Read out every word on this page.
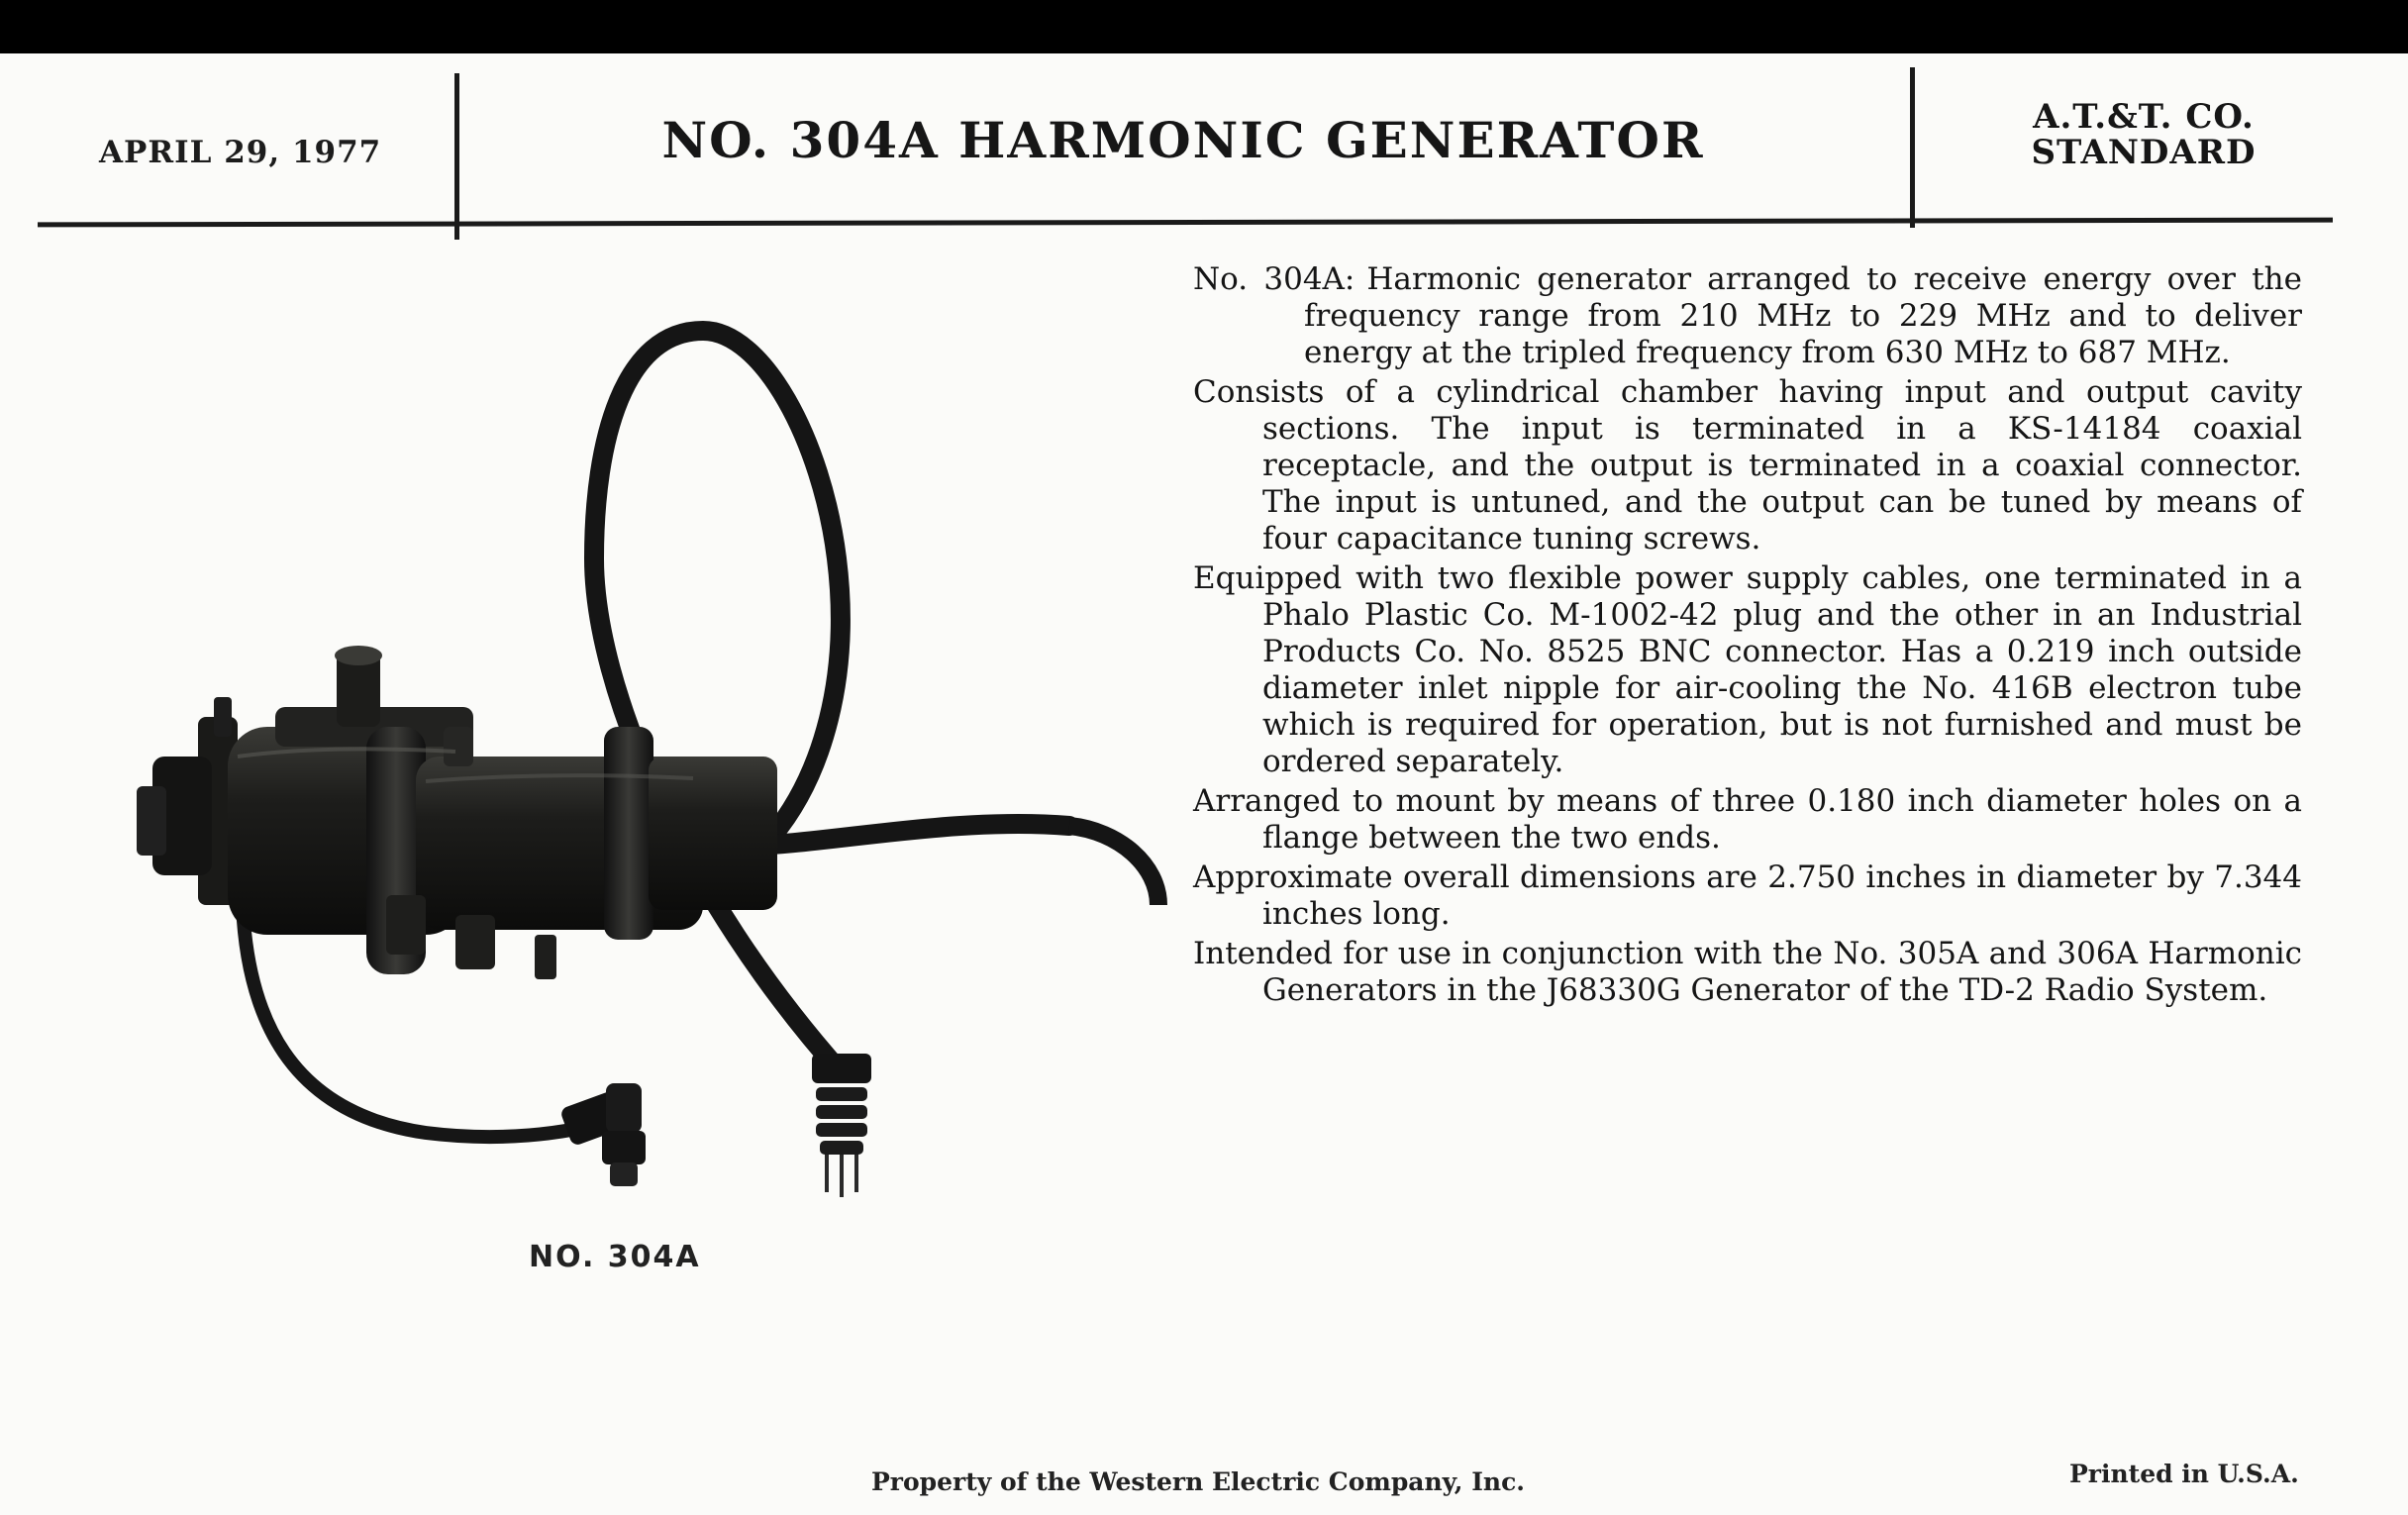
APRIL 29, 1977	NO. 304A HARMONIC GENERATOR	A.T.&T. CO.
STANDARD
NO. 304A

No. 304A: Harmonic generator arranged to receive energy over the frequency range from 210 MHz to 229 MHz and to deliver energy at the tripled frequency from 630 MHz to 687 MHz.

Consists of a cylindrical chamber having input and output cavity sections. The input is terminated in a KS-14184 coaxial receptacle, and the output is terminated in a coaxial connector. The input is untuned, and the output can be tuned by means of four capacitance tuning screws.

Equipped with two flexible power supply cables, one terminated in a Phalo Plastic Co. M-1002-42 plug and the other in an Industrial Products Co. No. 8525 BNC connector. Has a 0.219 inch outside diameter inlet nipple for air-cooling the No. 416B electron tube which is required for operation, but is not furnished and must be ordered separately.

Arranged to mount by means of three 0.180 inch diameter holes on a flange between the two ends.

Approximate overall dimensions are 2.750 inches in diameter by 7.344 inches long.

Intended for use in conjunction with the No. 305A and 306A Harmonic Generators in the J68330G Generator of the TD-2 Radio System.

Property of the Western Electric Company, Inc.	Printed in U.S.A.
